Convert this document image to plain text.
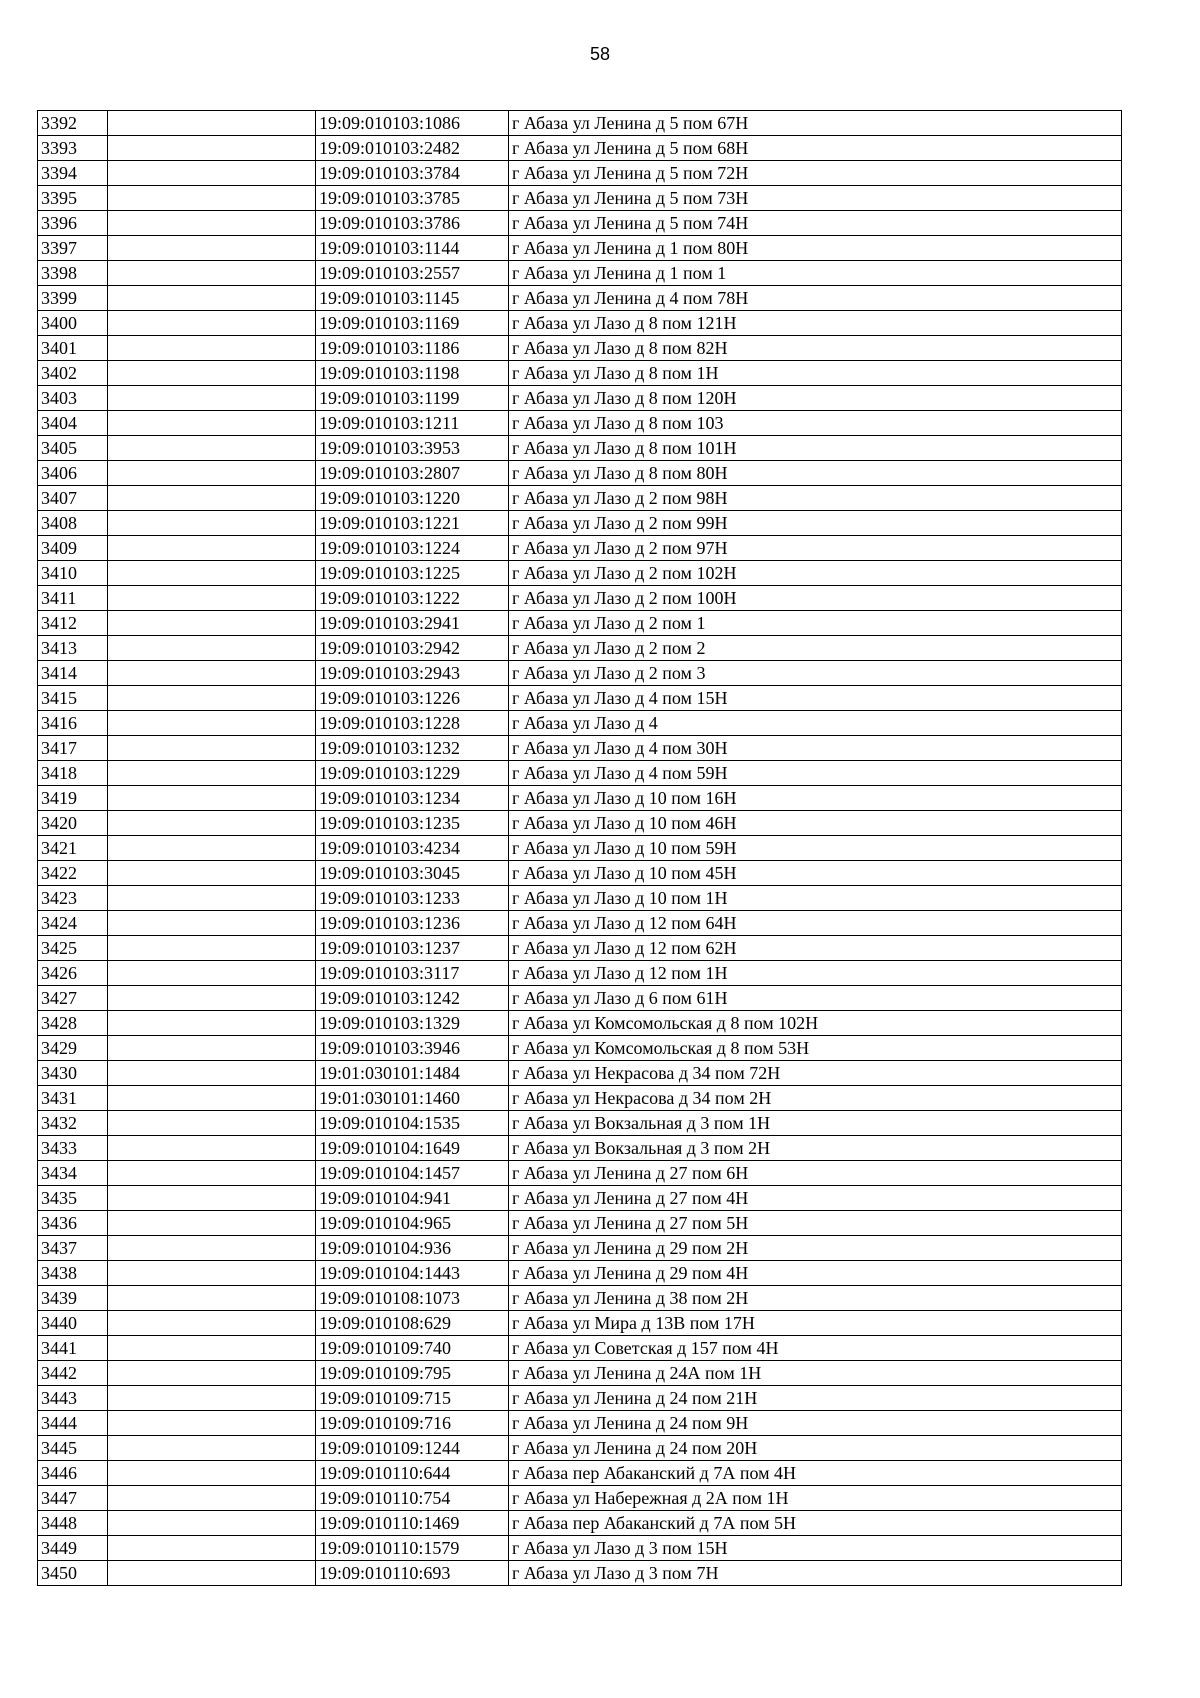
58
3392		19:09:010103:1086	г Абаза ул Ленина д 5 пом 67Н
3393		19:09:010103:2482	г Абаза ул Ленина д 5 пом 68Н
3394		19:09:010103:3784	г Абаза ул Ленина д 5 пом 72Н
3395		19:09:010103:3785	г Абаза ул Ленина д 5 пом 73Н
3396		19:09:010103:3786	г Абаза ул Ленина д 5 пом 74Н
3397		19:09:010103:1144	г Абаза ул Ленина д 1 пом 80Н
3398		19:09:010103:2557	г Абаза ул Ленина д 1 пом 1
3399		19:09:010103:1145	г Абаза ул Ленина д 4 пом 78Н
3400		19:09:010103:1169	г Абаза ул Лазо д 8 пом 121Н
3401		19:09:010103:1186	г Абаза ул Лазо д 8 пом 82Н
3402		19:09:010103:1198	г Абаза ул Лазо д 8 пом 1Н
3403		19:09:010103:1199	г Абаза ул Лазо д 8 пом 120Н
3404		19:09:010103:1211	г Абаза ул Лазо д 8 пом 103
3405		19:09:010103:3953	г Абаза ул Лазо д 8 пом 101Н
3406		19:09:010103:2807	г Абаза ул Лазо д 8 пом 80Н
3407		19:09:010103:1220	г Абаза ул Лазо д 2 пом 98Н
3408		19:09:010103:1221	г Абаза ул Лазо д 2 пом 99Н
3409		19:09:010103:1224	г Абаза ул Лазо д 2 пом 97Н
3410		19:09:010103:1225	г Абаза ул Лазо д 2 пом 102Н
3411		19:09:010103:1222	г Абаза ул Лазо д 2 пом 100Н
3412		19:09:010103:2941	г Абаза ул Лазо д 2 пом 1
3413		19:09:010103:2942	г Абаза ул Лазо д 2 пом 2
3414		19:09:010103:2943	г Абаза ул Лазо д 2 пом 3
3415		19:09:010103:1226	г Абаза ул Лазо д 4 пом 15Н
3416		19:09:010103:1228	г Абаза ул Лазо д 4
3417		19:09:010103:1232	г Абаза ул Лазо д 4 пом 30Н
3418		19:09:010103:1229	г Абаза ул Лазо д 4 пом 59Н
3419		19:09:010103:1234	г Абаза ул Лазо д 10 пом 16Н
3420		19:09:010103:1235	г Абаза ул Лазо д 10 пом 46Н
3421		19:09:010103:4234	г Абаза ул Лазо д 10 пом 59Н
3422		19:09:010103:3045	г Абаза ул Лазо д 10 пом 45Н
3423		19:09:010103:1233	г Абаза ул Лазо д 10 пом 1Н
3424		19:09:010103:1236	г Абаза ул Лазо д 12 пом 64Н
3425		19:09:010103:1237	г Абаза ул Лазо д 12 пом 62Н
3426		19:09:010103:3117	г Абаза ул Лазо д 12 пом 1Н
3427		19:09:010103:1242	г Абаза ул Лазо д 6 пом 61Н
3428		19:09:010103:1329	г Абаза ул Комсомольская д 8 пом 102Н
3429		19:09:010103:3946	г Абаза ул Комсомольская д 8 пом 53Н
3430		19:01:030101:1484	г Абаза ул Некрасова д 34 пом 72Н
3431		19:01:030101:1460	г Абаза ул Некрасова д 34 пом 2Н
3432		19:09:010104:1535	г Абаза ул Вокзальная д 3 пом 1Н
3433		19:09:010104:1649	г Абаза ул Вокзальная д 3 пом 2Н
3434		19:09:010104:1457	г Абаза ул Ленина д 27 пом 6Н
3435		19:09:010104:941	г Абаза ул Ленина д 27 пом 4Н
3436		19:09:010104:965	г Абаза ул Ленина д 27 пом 5Н
3437		19:09:010104:936	г Абаза ул Ленина д 29 пом 2Н
3438		19:09:010104:1443	г Абаза ул Ленина д 29 пом 4Н
3439		19:09:010108:1073	г Абаза ул Ленина д 38 пом 2Н
3440		19:09:010108:629	г Абаза ул Мира д 13В пом 17Н
3441		19:09:010109:740	г Абаза ул Советская д 157 пом 4Н
3442		19:09:010109:795	г Абаза ул Ленина д 24А пом 1Н
3443		19:09:010109:715	г Абаза ул Ленина д 24 пом 21Н
3444		19:09:010109:716	г Абаза ул Ленина д 24 пом 9Н
3445		19:09:010109:1244	г Абаза ул Ленина д 24 пом 20Н
3446		19:09:010110:644	г Абаза пер Абаканский д 7А пом 4Н
3447		19:09:010110:754	г Абаза ул Набережная д 2А пом 1Н
3448		19:09:010110:1469	г Абаза пер Абаканский д 7А пом 5Н
3449		19:09:010110:1579	г Абаза ул Лазо д 3 пом 15Н
3450		19:09:010110:693	г Абаза ул Лазо д 3 пом 7Н
